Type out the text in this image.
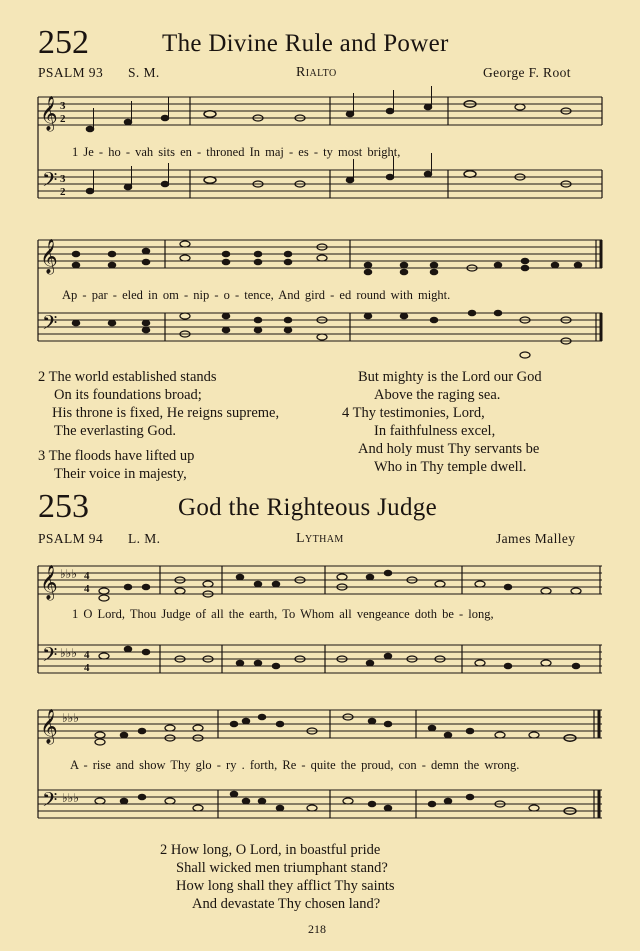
252	The Divine Rule and Power
PSALM 93 S. M.	Rialto	George F. Root
𝄞
𝄢
3
2
3
2
1 Je - ho - vah sits en - throned In maj - es - ty most bright,
𝄞
𝄢
Ap - par - eled in om - nip - o - tence, And gird - ed round with might.
2 The world established stands
On its foundations broad;
His throne is fixed, He reigns supreme,
The everlasting God.
3 The floods have lifted up
Their voice in majesty,
But mighty is the Lord our God
Above the raging sea.
4 Thy testimonies, Lord,
In faithfulness excel,
And holy must Thy servants be
Who in Thy temple dwell.
253	God the Righteous Judge
PSALM 94 L. M.	Lytham	James Malley
𝄞
𝄢
♭♭♭
♭♭♭
4
4
4
4
1 O Lord, Thou Judge of all the earth, To Whom all vengeance doth be - long,
𝄞
𝄢
♭♭♭
♭♭♭
A - rise and show Thy glo - ry . forth, Re - quite the proud, con - demn the wrong.
2 How long, O Lord, in boastful pride
Shall wicked men triumphant stand?
How long shall they afflict Thy saints
And devastate Thy chosen land?
218
